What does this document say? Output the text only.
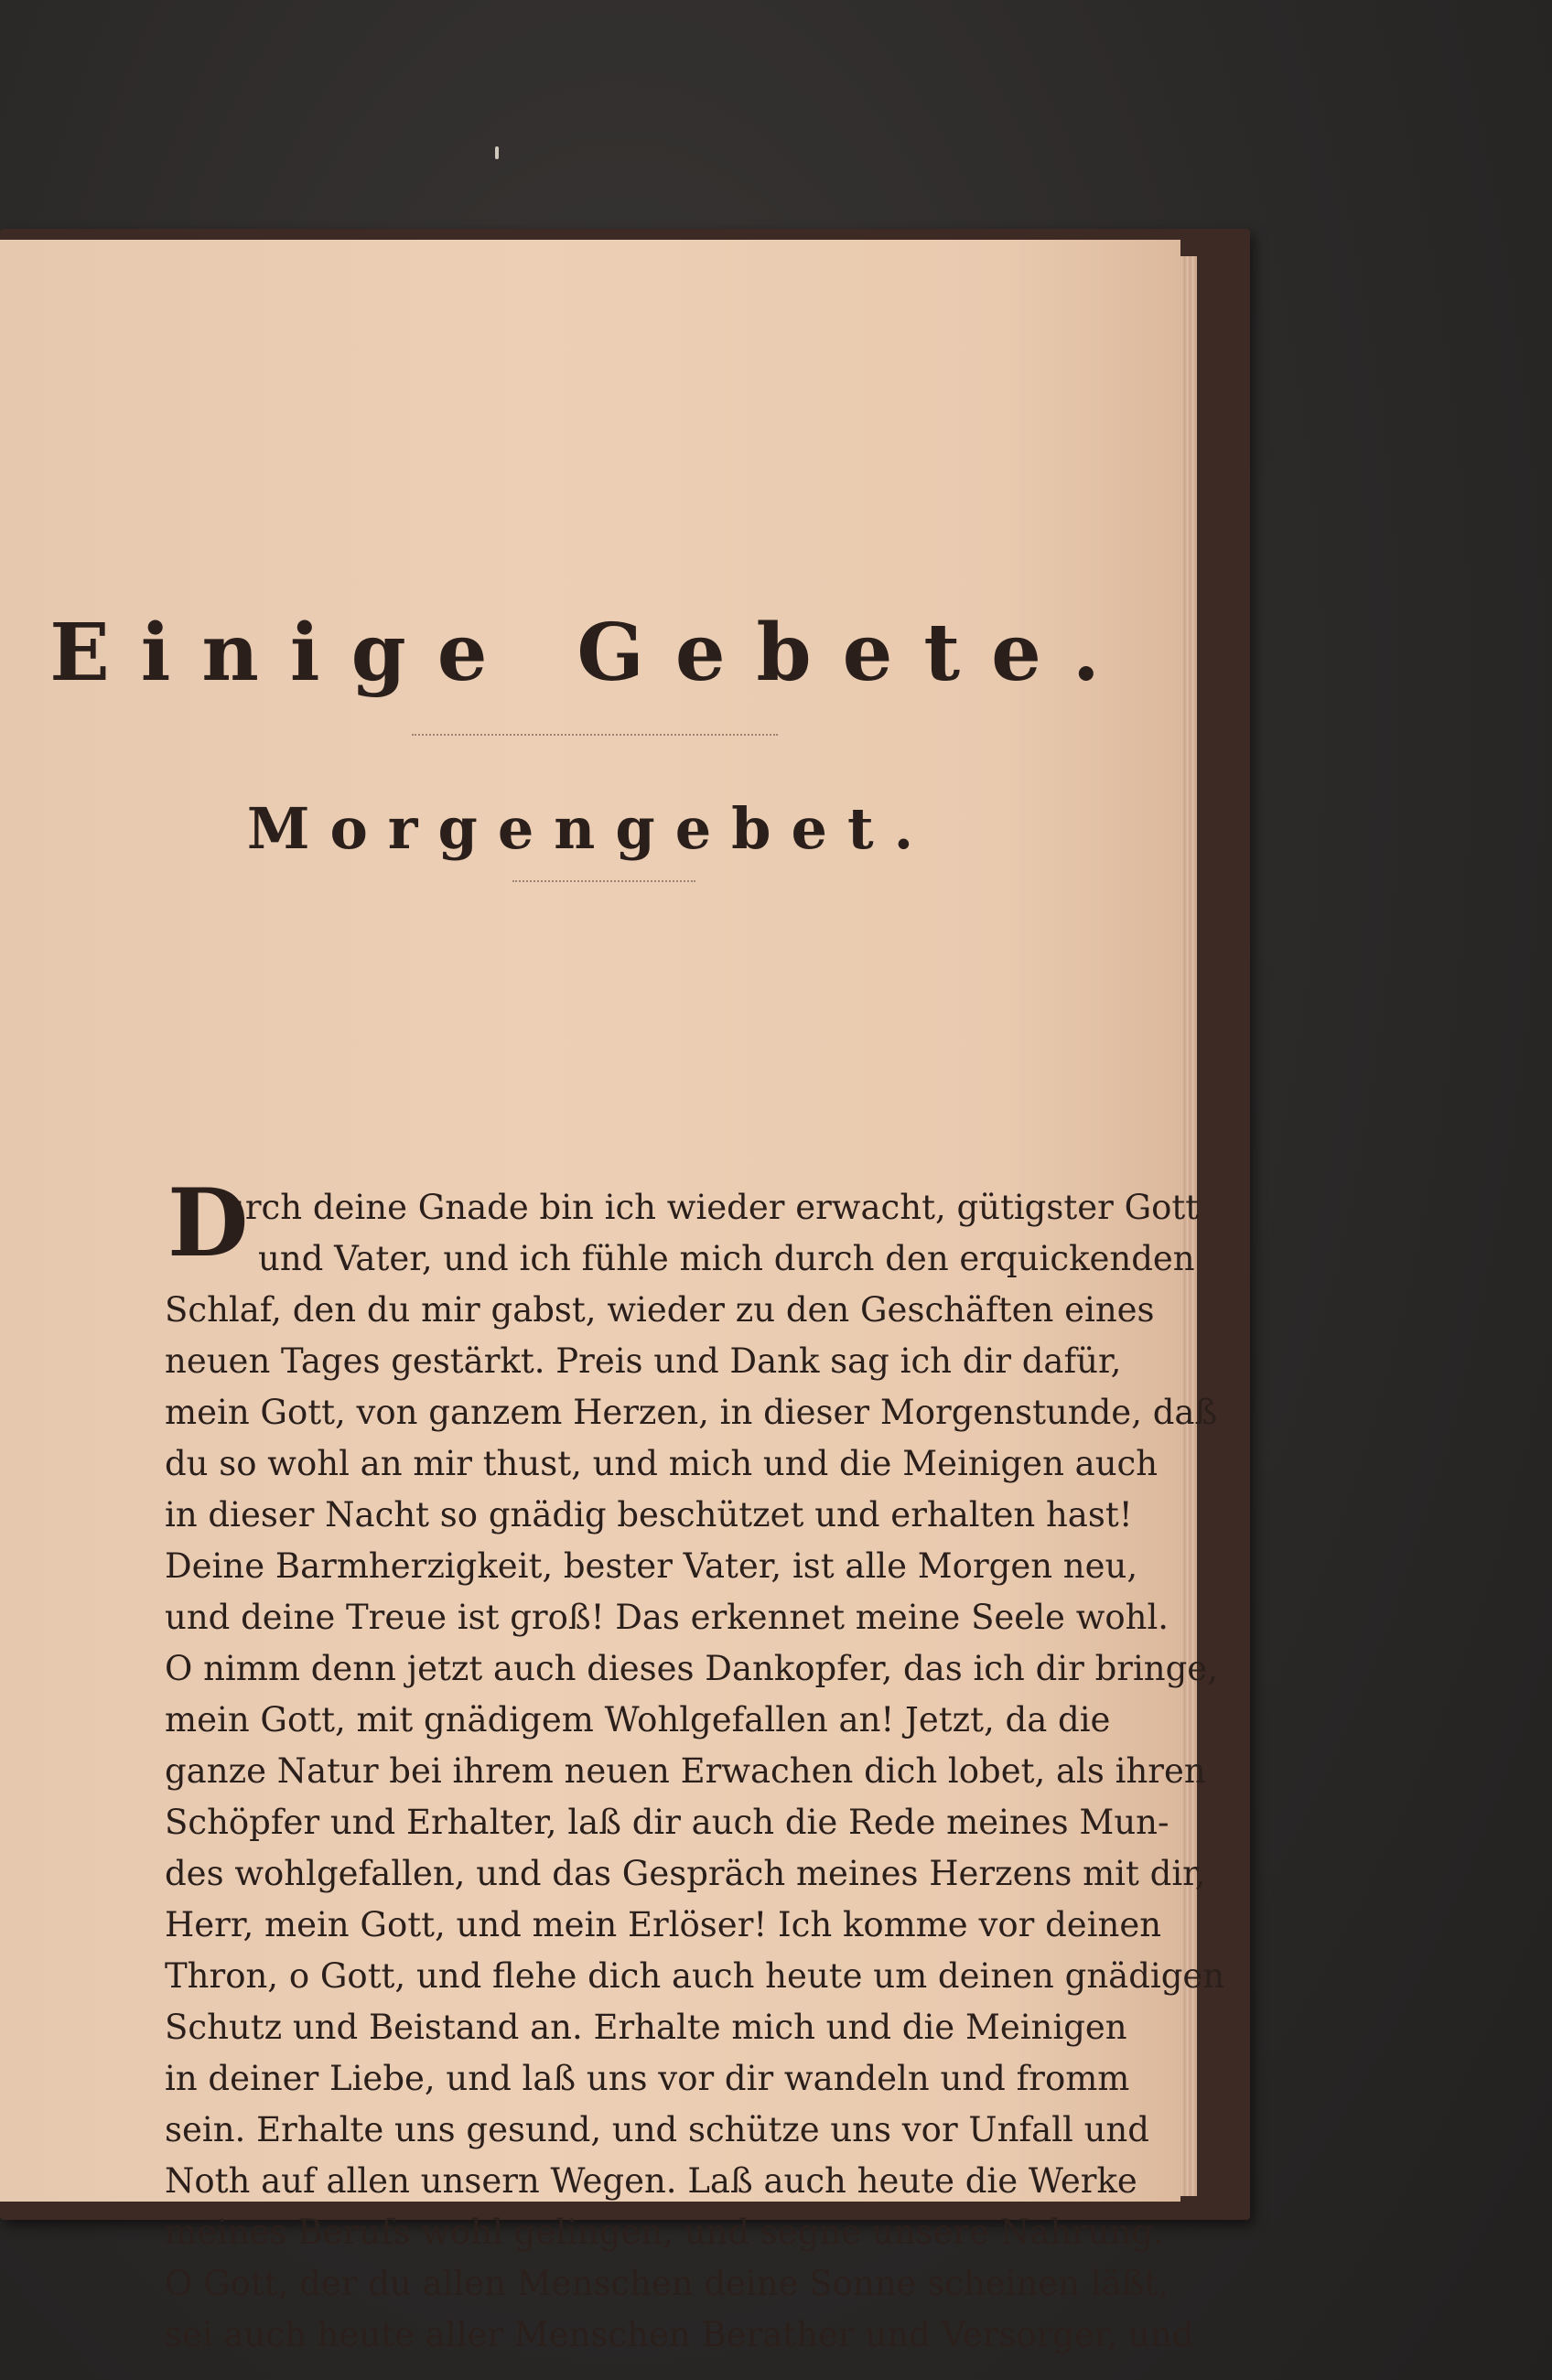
Einige Gebete.
Morgengebet.
D
urch deine Gnade bin ich wieder erwacht, gütigster Gott
und Vater, und ich fühle mich durch den erquickenden
Schlaf, den du mir gabst, wieder zu den Geschäften eines
neuen Tages gestärkt. Preis und Dank sag ich dir dafür,
mein Gott, von ganzem Herzen, in dieser Morgenstunde, daß
du so wohl an mir thust, und mich und die Meinigen auch
in dieser Nacht so gnädig beschützet und erhalten hast!
Deine Barmherzigkeit, bester Vater, ist alle Morgen neu,
und deine Treue ist groß! Das erkennet meine Seele wohl.
O nimm denn jetzt auch dieses Dankopfer, das ich dir bringe,
mein Gott, mit gnädigem Wohlgefallen an! Jetzt, da die
ganze Natur bei ihrem neuen Erwachen dich lobet, als ihren
Schöpfer und Erhalter, laß dir auch die Rede meines Mun-
des wohlgefallen, und das Gespräch meines Herzens mit dir,
Herr, mein Gott, und mein Erlöser! Ich komme vor deinen
Thron, o Gott, und flehe dich auch heute um deinen gnädigen
Schutz und Beistand an. Erhalte mich und die Meinigen
in deiner Liebe, und laß uns vor dir wandeln und fromm
sein. Erhalte uns gesund, und schütze uns vor Unfall und
Noth auf allen unsern Wegen. Laß auch heute die Werke
meines Berufs wohl gelingen, und segne unsere Nahrung.
O Gott, der du allen Menschen deine Sonne scheinen läßt,
sei auch heute aller Menschen Berather und Versorger, und
